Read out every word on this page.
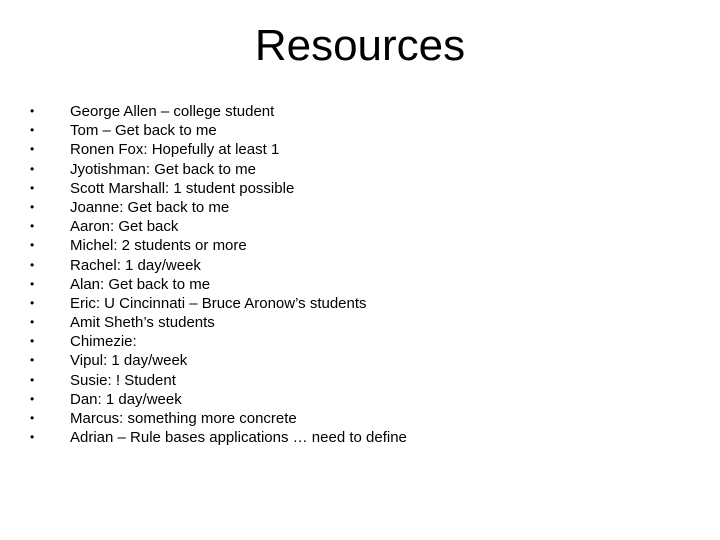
Resources
• George Allen – college student
• Tom – Get back to me
• Ronen Fox: Hopefully at least 1
• Jyotishman: Get back to me
• Scott Marshall: 1 student possible
• Joanne: Get back to me
• Aaron: Get back
• Michel: 2 students or more
• Rachel: 1 day/week
• Alan: Get back to me
• Eric: U Cincinnati – Bruce Aronow’s students
• Amit Sheth’s students
• Chimezie:
• Vipul: 1 day/week
• Susie: ! Student
• Dan: 1 day/week
• Marcus: something more concrete
• Adrian – Rule bases applications … need to define
